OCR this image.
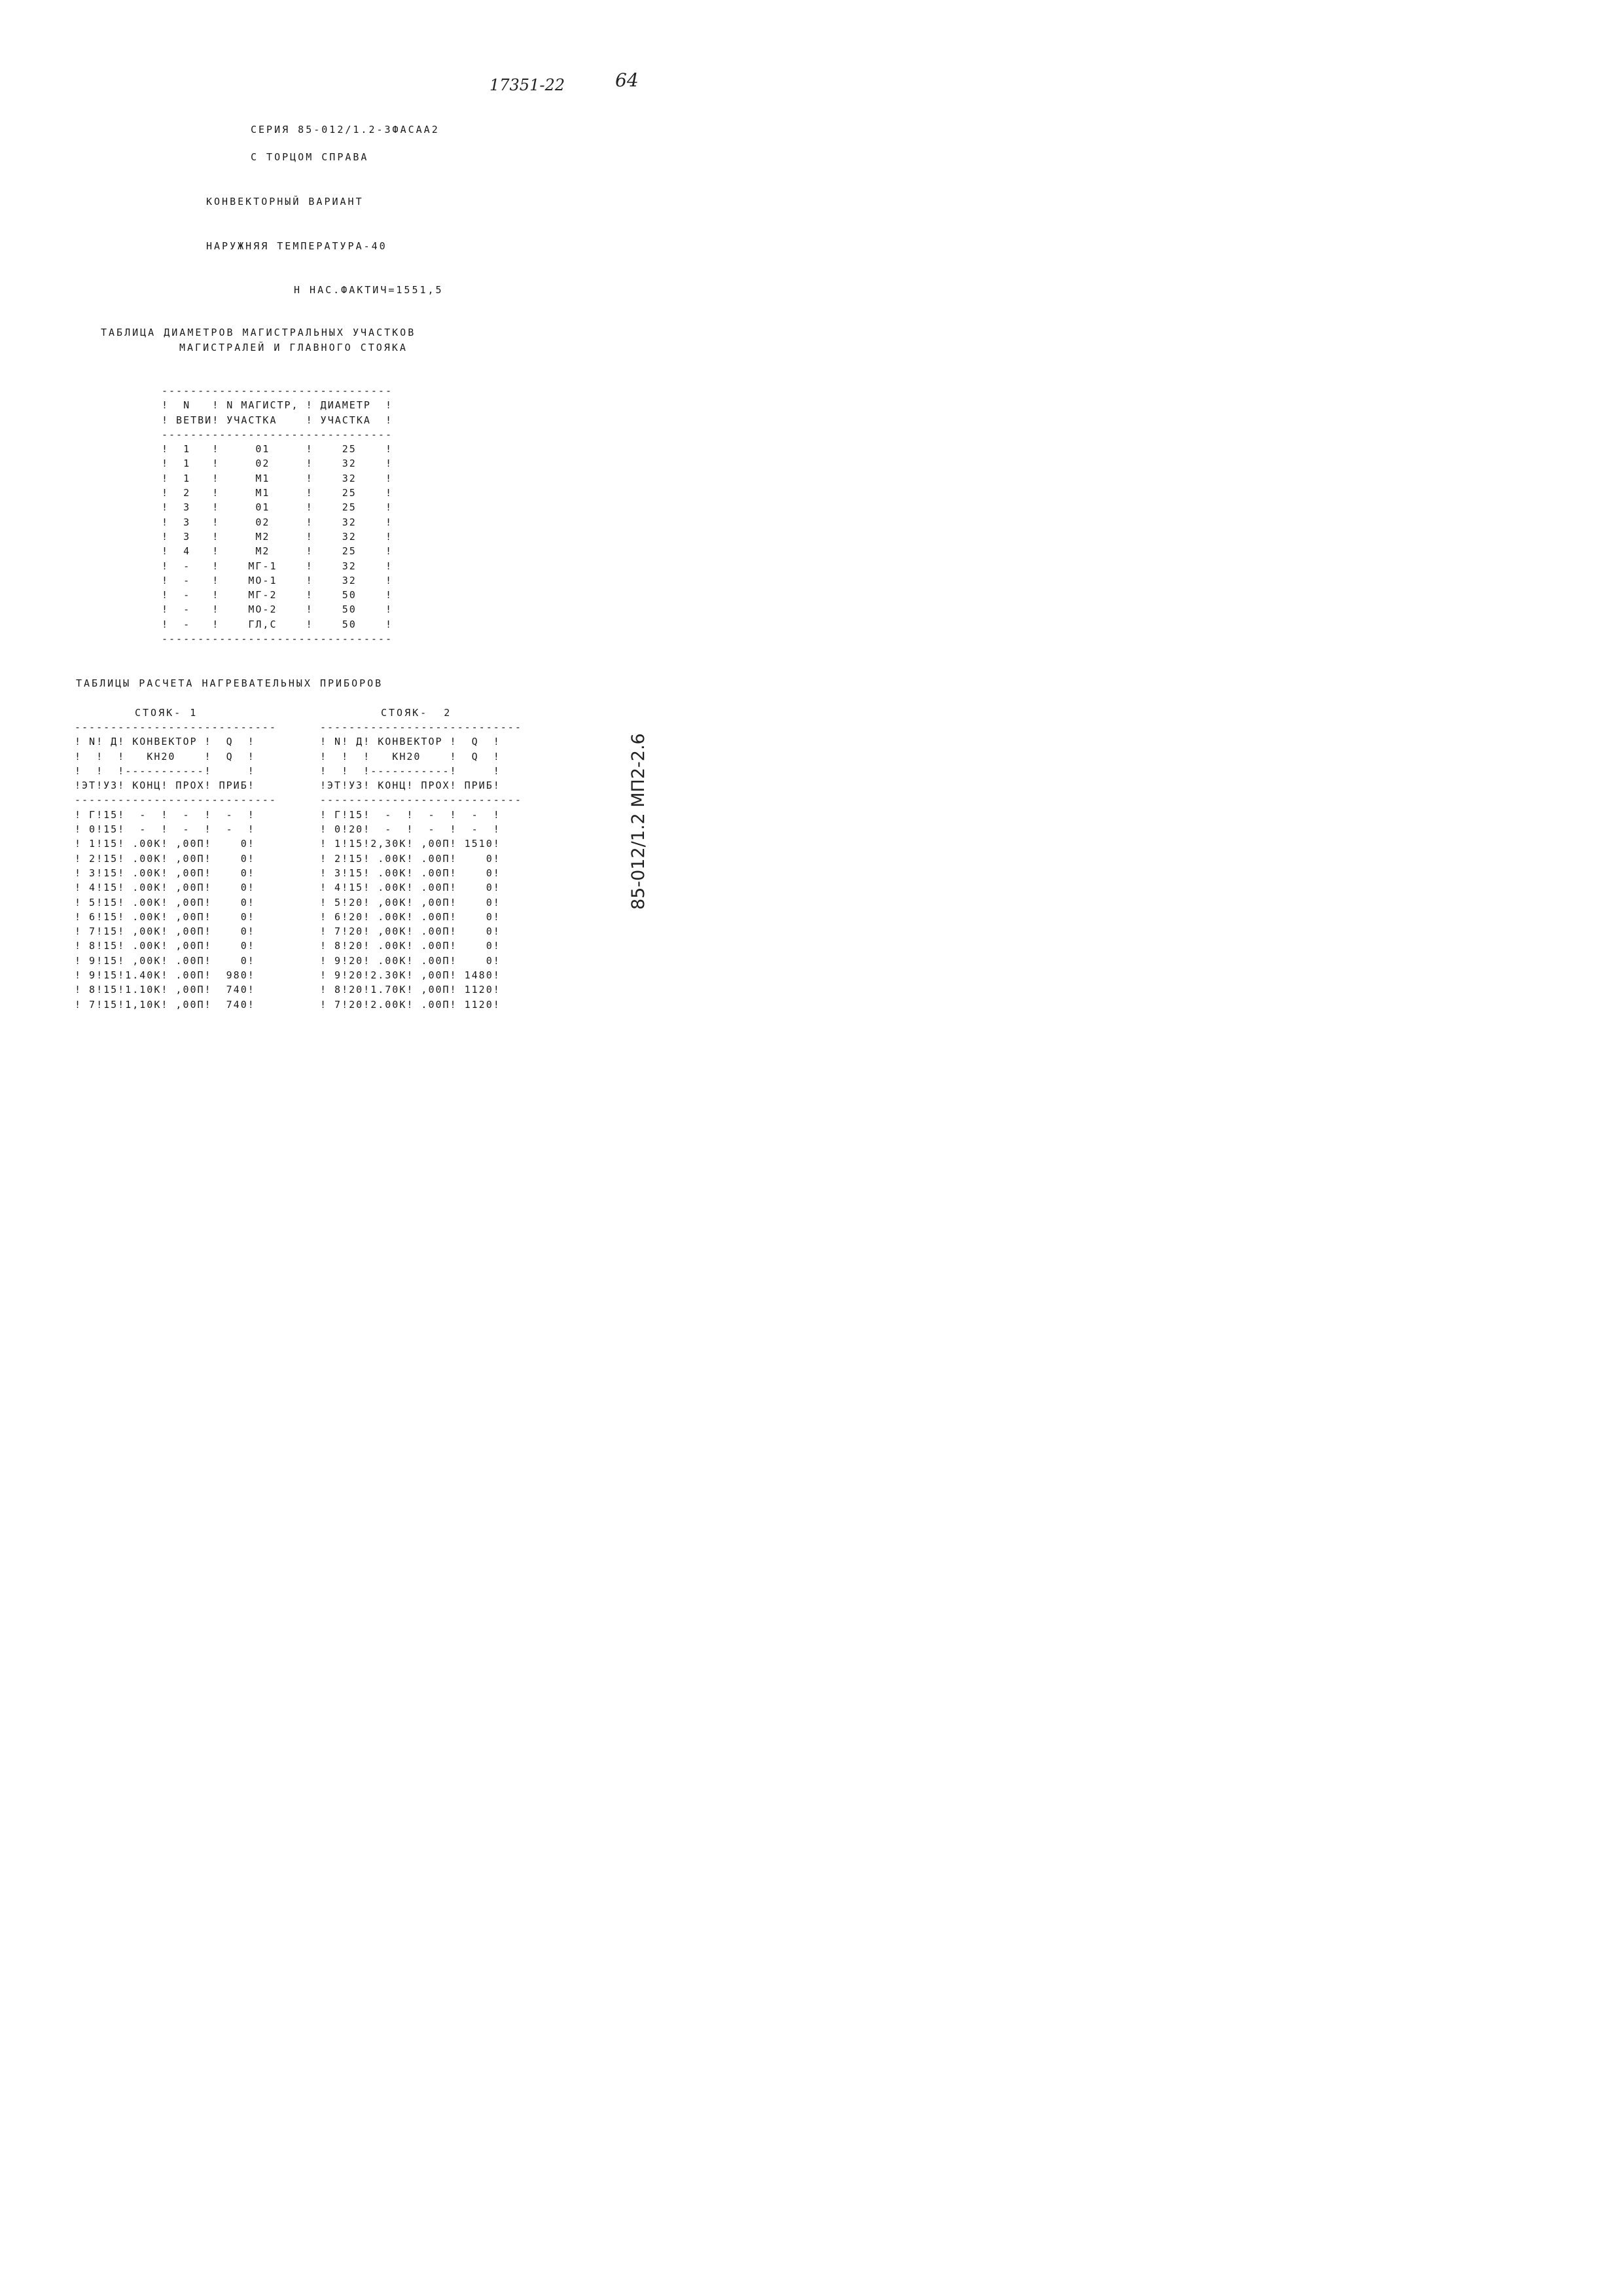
17351-22	64
СЕРИЯ 85-012/1.2-3ФАСАА2
С ТОРЦОМ СПРАВА
КОНВЕКТОРНЫЙ ВАРИАНТ
НАРУЖНЯЯ ТЕМПЕРАТУРА-40
Н НАС.ФАКТИЧ=1551,5
ТАБЛИЦА ДИАМЕТРОВ МАГИСТРАЛЬНЫХ УЧАСТКОВ
МАГИСТРАЛЕЙ И ГЛАВНОГО СТОЯКА
--------------------------------
!  N   ! N МАГИСТР, ! ДИАМЕТР  !
! ВЕТВИ! УЧАСТКА    ! УЧАСТКА  !
--------------------------------
!  1   !     01     !    25    !
!  1   !     02     !    32    !
!  1   !     М1     !    32    !
!  2   !     М1     !    25    !
!  3   !     01     !    25    !
!  3   !     02     !    32    !
!  3   !     М2     !    32    !
!  4   !     М2     !    25    !
!  -   !    МГ-1    !    32    !
!  -   !    МО-1    !    32    !
!  -   !    МГ-2    !    50    !
!  -   !    МО-2    !    50    !
!  -   !    ГЛ,С    !    50    !
--------------------------------
ТАБЛИЦЫ РАСЧЕТА НАГРЕВАТЕЛЬНЫХ ПРИБОРОВ
СТОЯК- 1	СТОЯК-  2
----------------------------
! N! Д! КОНВЕКТОР !  Q  !
!  !  !   КН20    !  Q  !
!  !  !-----------!     !
!ЭТ!УЗ! КОНЦ! ПРОХ! ПРИБ!
----------------------------
! Г!15!  -  !  -  !  -  !
! 0!15!  -  !  -  !  -  !
! 1!15! .00К! ,00П!    0!
! 2!15! .00К! ,00П!    0!
! 3!15! .00К! ,00П!    0!
! 4!15! .00К! ,00П!    0!
! 5!15! .00К! ,00П!    0!
! 6!15! .00К! ,00П!    0!
! 7!15! ,00К! ,00П!    0!
! 8!15! .00К! ,00П!    0!
! 9!15! ,00К! .00П!    0!
! 9!15!1.40К! .00П!  980!
! 8!15!1.10К! ,00П!  740!
! 7!15!1,10К! ,00П!  740!
----------------------------
! N! Д! КОНВЕКТОР !  Q  !
!  !  !   КН20    !  Q  !
!  !  !-----------!     !
!ЭТ!УЗ! КОНЦ! ПРОХ! ПРИБ!
----------------------------
! Г!15!  -  !  -  !  -  !
! 0!20!  -  !  -  !  -  !
! 1!15!2,30К! ,00П! 1510!
! 2!15! .00К! .00П!    0!
! 3!15! .00К! .00П!    0!
! 4!15! .00К! .00П!    0!
! 5!20! ,00К! ,00П!    0!
! 6!20! .00К! .00П!    0!
! 7!20! ,00К! .00П!    0!
! 8!20! .00К! .00П!    0!
! 9!20! .00К! .00П!    0!
! 9!20!2.30К! ,00П! 1480!
! 8!20!1.70К! ,00П! 1120!
! 7!20!2.00К! .00П! 1120!
85-012/1.2 МП2-2.6
